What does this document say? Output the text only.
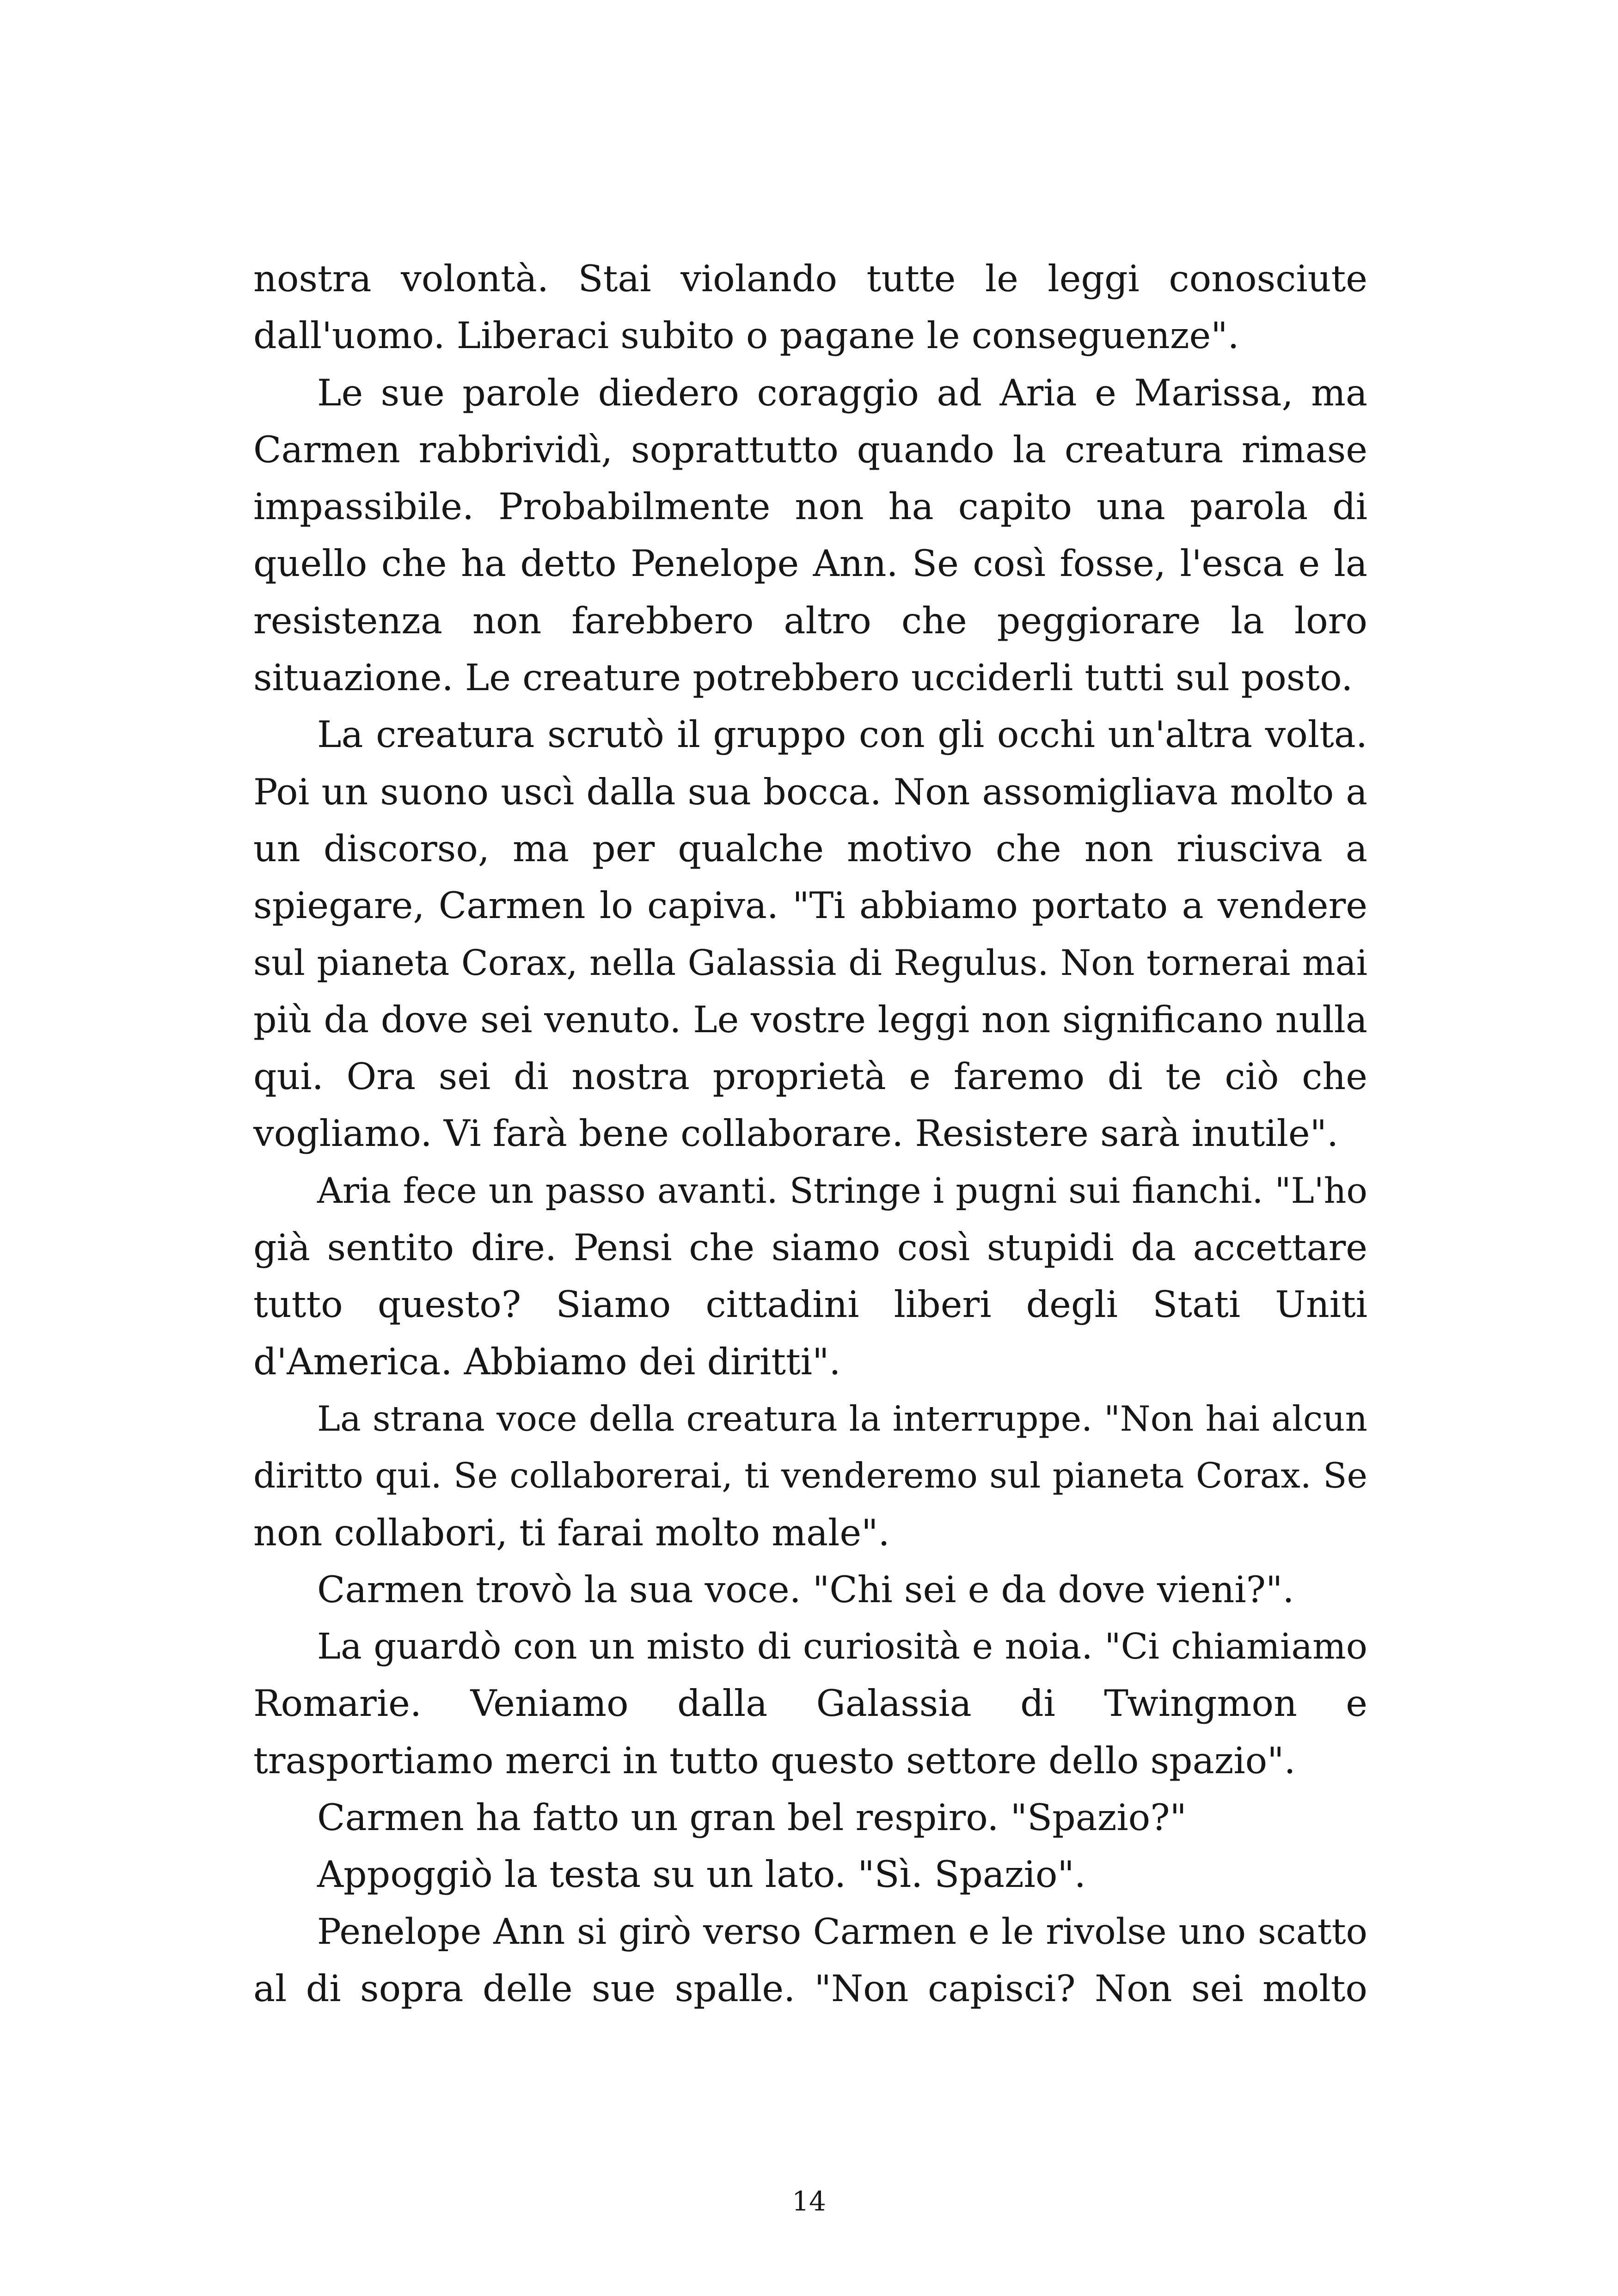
nostra volontà. Stai violando tutte le leggi conosciute
dall'uomo. Liberaci subito o pagane le conseguenze".
Le sue parole diedero coraggio ad Aria e Marissa, ma
Carmen rabbrividì, soprattutto quando la creatura rimase
impassibile. Probabilmente non ha capito una parola di
quello che ha detto Penelope Ann. Se così fosse, l'esca e la
resistenza non farebbero altro che peggiorare la loro
situazione. Le creature potrebbero ucciderli tutti sul posto.
La creatura scrutò il gruppo con gli occhi un'altra volta.
Poi un suono uscì dalla sua bocca. Non assomigliava molto a
un discorso, ma per qualche motivo che non riusciva a
spiegare, Carmen lo capiva. "Ti abbiamo portato a vendere
sul pianeta Corax, nella Galassia di Regulus. Non tornerai mai
più da dove sei venuto. Le vostre leggi non significano nulla
qui. Ora sei di nostra proprietà e faremo di te ciò che
vogliamo. Vi farà bene collaborare. Resistere sarà inutile".
Aria fece un passo avanti. Stringe i pugni sui fianchi. "L'ho
già sentito dire. Pensi che siamo così stupidi da accettare
tutto questo? Siamo cittadini liberi degli Stati Uniti
d'America. Abbiamo dei diritti".
La strana voce della creatura la interruppe. "Non hai alcun
diritto qui. Se collaborerai, ti venderemo sul pianeta Corax. Se
non collabori, ti farai molto male".
Carmen trovò la sua voce. "Chi sei e da dove vieni?".
La guardò con un misto di curiosità e noia. "Ci chiamiamo
Romarie. Veniamo dalla Galassia di Twingmon e
trasportiamo merci in tutto questo settore dello spazio".
Carmen ha fatto un gran bel respiro. "Spazio?"
Appoggiò la testa su un lato. "Sì. Spazio".
Penelope Ann si girò verso Carmen e le rivolse uno scatto
al di sopra delle sue spalle. "Non capisci? Non sei molto
14
